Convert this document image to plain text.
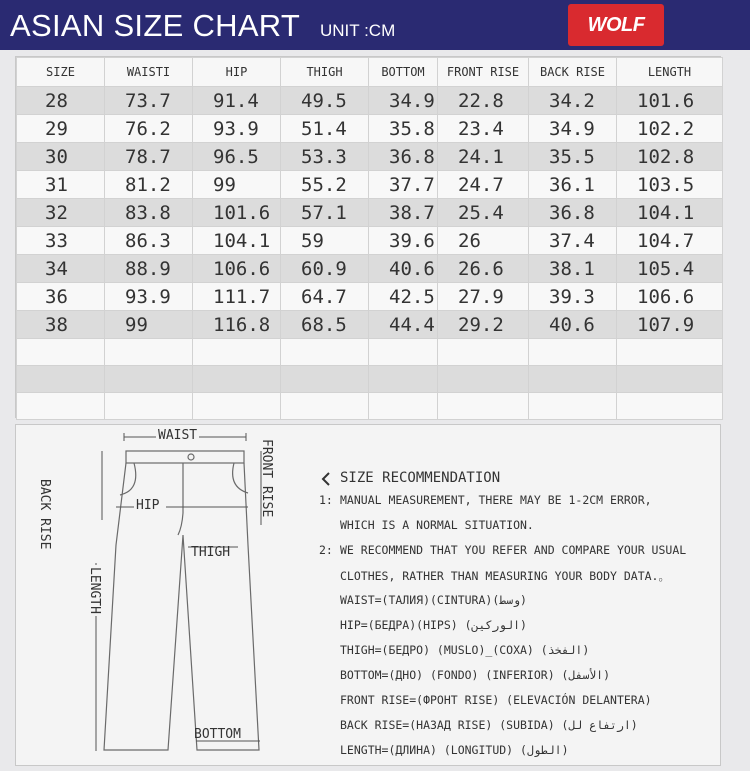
ASIAN SIZE CHART UNIT :CM	WOLF
SIZE	WAISTI	HIP	THIGH	BOTTOM	FRONT RISE	BACK RISE	LENGTH
28	73.7	91.4	49.5	34.9	22.8	34.2	101.6
29	76.2	93.9	51.4	35.8	23.4	34.9	102.2
30	78.7	96.5	53.3	36.8	24.1	35.5	102.8
31	81.2	99	55.2	37.7	24.7	36.1	103.5
32	83.8	101.6	57.1	38.7	25.4	36.8	104.1
33	86.3	104.1	59	39.6	26	37.4	104.7
34	88.9	106.6	60.9	40.6	26.6	38.1	105.4
36	93.9	111.7	64.7	42.5	27.9	39.3	106.6
38	99	116.8	68.5	44.4	29.2	40.6	107.9

WAIST
BACK RISE	FRONT RISE
HIP
THIGH
LENGTH
BOTTOM
SIZE RECOMMENDATION
1: MANUAL MEASUREMENT, THERE MAY BE 1-2CM ERROR,
WHICH IS A NORMAL SITUATION.
2: WE RECOMMEND THAT YOU REFER AND COMPARE YOUR USUAL
CLOTHES, RATHER THAN MEASURING YOUR BODY DATA.。
WAIST=(ТАЛИЯ)(CINTURA)(وسط)
HIP=(БЕДРА)(HIPS) (الوركين)
THIGH=(БЕДРО) (MUSLO)_(COXA) (الفخذ)
BOTTOM=(ДНО) (FONDO) (INFERIOR) (الأسفل)
FRONT RISE=(ФРОНТ RISE) (ELEVACIÓN DELANTERA)
BACK RISE=(НАЗАД RISE) (SUBIDA) (ارتفاع لل)
LENGTH=(ДЛИНА) (LONGITUD) (الطول)
